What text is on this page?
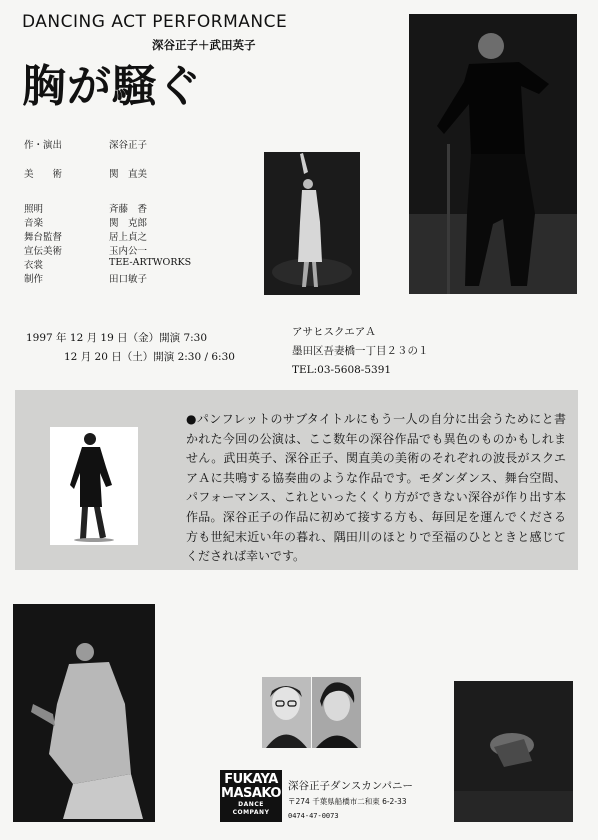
DANCING ACT PERFORMANCE
深谷正子＋武田英子
胸が騒ぐ
作・演出	深谷正子
美　　術	関　直美
照明	斉藤　香
音楽	関　克郎
舞台監督	居上貞之
宣伝美術	玉内公一
衣裳	TEE-ARTWORKS
制作	田口敏子
1997 年 12 月 19 日（金）開演 7:30
12 月 20 日（土）開演 2:30 / 6:30
アサヒスクエアＡ
墨田区吾妻橋一丁目２３の１
TEL:03-5608-5391
●パンフレットのサブタイトルにもう一人の自分に出会うためにと書かれた今回の公演は、ここ数年の深谷作品でも異色のものかもしれません。武田英子、深谷正子、関直美の美術のそれぞれの波長がスクエアＡに共鳴する協奏曲のような作品です。モダンダンス、舞台空間、パフォーマンス、これといったくくり方ができない深谷が作り出す本作品。深谷正子の作品に初めて接する方も、毎回足を運んでくださる方も世紀末近い年の暮れ、隅田川のほとりで至福のひとときと感じてくだされば幸いです。
FUKAYA
MASAKO
DANCE COMPANY
深谷正子ダンスカンパニー
〒274 千葉県船橋市二和東 6-2-33
0474-47-0073
